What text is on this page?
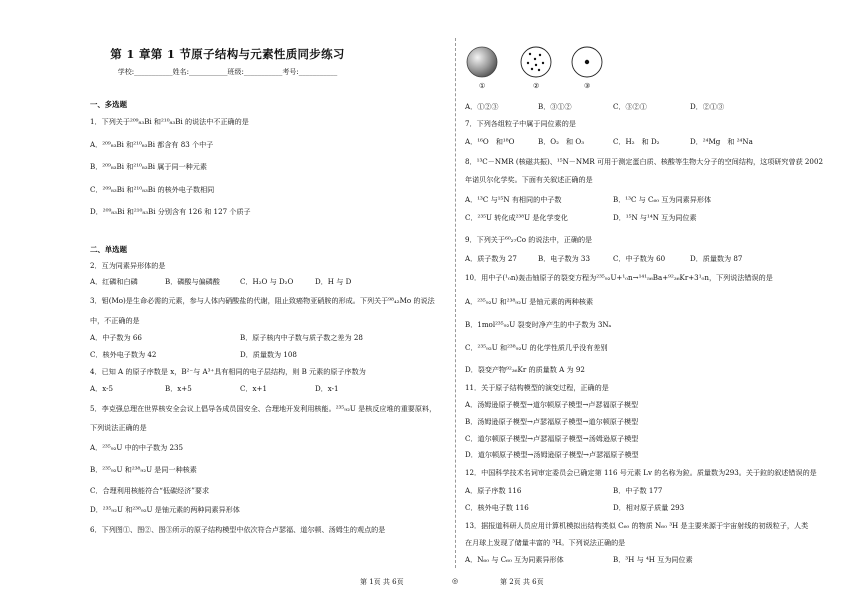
第 1 章第 1 节原子结构与元素性质同步练习
学校:___________姓名:___________班级:___________考号:___________
一、多选题
1．下列关于²⁰⁹₈₃Bi 和²¹⁰₈₃Bi 的说法中不正确的是
A．²⁰⁹₈₃Bi 和²¹⁰₈₃Bi 都含有 83 个中子
B．²⁰⁹₈₃Bi 和²¹⁰₈₃Bi 属于同一种元素
C．²⁰⁹₈₃Bi 和²¹⁰₈₃Bi 的核外电子数相同
D．²⁰⁹₈₃Bi 和²¹⁰₈₃Bi 分别含有 126 和 127 个质子
二、单选题
2．互为同素异形体的是
A．红磷和白磷	B．磷酸与偏磷酸	C．H₂O 与 D₂O	D．H 与 D
3．钼(Mo)是生命必需的元素，参与人体内硝酸盐的代谢，阻止致癌物亚硝胺的形成。下列关于⁹⁸₄₂Mo 的说法
中，不正确的是
A．中子数为 66	B．原子核内中子数与质子数之差为 28
C．核外电子数为 42	D．质量数为 108
4．已知 A 的原子序数是 x，B²⁻与 A³⁺具有相同的电子层结构，则 B 元素的原子序数为
A．x-5	B．x+5	C．x+1	D．x-1
5．李克强总理在世界核安全会议上倡导各成员国安全、合理地开发利用核能。²³⁵₉₂U 是核反应堆的重要原料，
下列说法正确的是
A．²³⁵₉₂U 中的中子数为 235
B．²³⁵₉₂U 和²³⁸₉₂U 是同一种核素
C．合理利用核能符合“低碳经济”要求
D．²³⁵₉₂U 和²³⁸₉₂U 是铀元素的两种同素异形体
6．下列图①、图②、图③所示的原子结构模型中依次符合卢瑟福、道尔顿、汤姆生的观点的是
①	②	③
A．①②③	B．③①②	C．③②①	D．②①③
7．下列各组粒子中属于同位素的是
A．¹⁶O　和¹⁸O	B．O₂　和 O₃	C．H₂　和 D₂	D．²⁴Mg　和 ²⁴Na
8．¹³C－NMR (核磁共振)、¹⁵N－NMR 可用于测定蛋白质、核酸等生物大分子的空间结构，这项研究曾获 2002
年诺贝尔化学奖。下面有关叙述正确的是
A．¹³C 与¹⁵N 有相同的中子数	B．¹³C 与 C₆₀ 互为同素异形体
C．²³⁵U 转化成²³⁸U 是化学变化	D．¹⁵N 与¹⁴N 互为同位素
9．下列关于⁶⁰₂₇Co 的说法中，正确的是
A．质子数为 27	B．电子数为 33	C．中子数为 60	D．质量数为 87
10．用中子(¹₀n)轰击铀原子的裂变方程为²³⁵₉₂U+¹₀n→¹⁴¹₅₆Ba+⁹²₃₆Kr+3¹₀n，下列说法错误的是
A．²³⁵₉₂U 和²³⁸₉₂U 是铀元素的两种核素
B．1mol²³⁵₉₂U 裂变时净产生的中子数为 3Nₐ
C．²³⁵₉₂U 和²³⁸₉₂U 的化学性质几乎没有差别
D．裂变产物⁹²₃₆Kr 的质量数 A 为 92
11．关于原子结构模型的演变过程，正确的是
A．汤姆逊原子模型→道尔顿原子模型→卢瑟福原子模型
B．汤姆逊原子模型→卢瑟福原子模型→道尔顿原子模型
C．道尔顿原子模型→卢瑟福原子模型→汤姆逊原子模型
D．道尔顿原子模型→汤姆逊原子模型→卢瑟福原子模型
12．中国科学技术名词审定委员会已确定第 116 号元素 Lv 的名称为鉝。质量数为293。关于鉝的叙述错误的是
A．原子序数 116	B．中子数 177
C．核外电子数 116	D．相对原子质量 293
13．据报道科研人员应用计算机模拟出结构类似 C₆₀ 的物质 N₆₀ ³H 是主要来源于宇宙射线的初级粒子，人类
在月球上发现了储量丰富的 ³H。下列说法正确的是
A．N₆₀ 与 C₆₀ 互为同素异形体	B．³H 与 ⁴H 互为同位素
第 1页 共 6页	◎	第 2页 共 6页
